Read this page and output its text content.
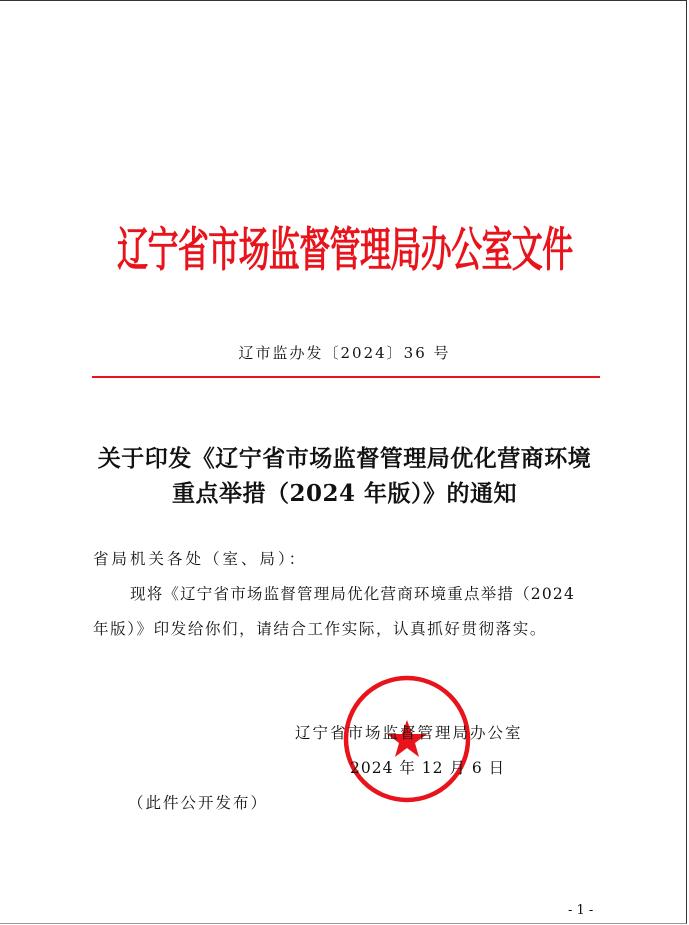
辽宁省市场监督管理局办公室文件
辽市监办发〔2024〕36 号
关于印发《辽宁省市场监督管理局优化营商环境
重点举措（2024 年版）》的通知
省局机关各处（室、局）：
现将《辽宁省市场监督管理局优化营商环境重点举措（2024
年版）》印发给你们，请结合工作实际，认真抓好贯彻落实。
辽宁省市场监督管理局办公室
2024 年 12 月 6 日
（此件公开发布）
- 1 -
